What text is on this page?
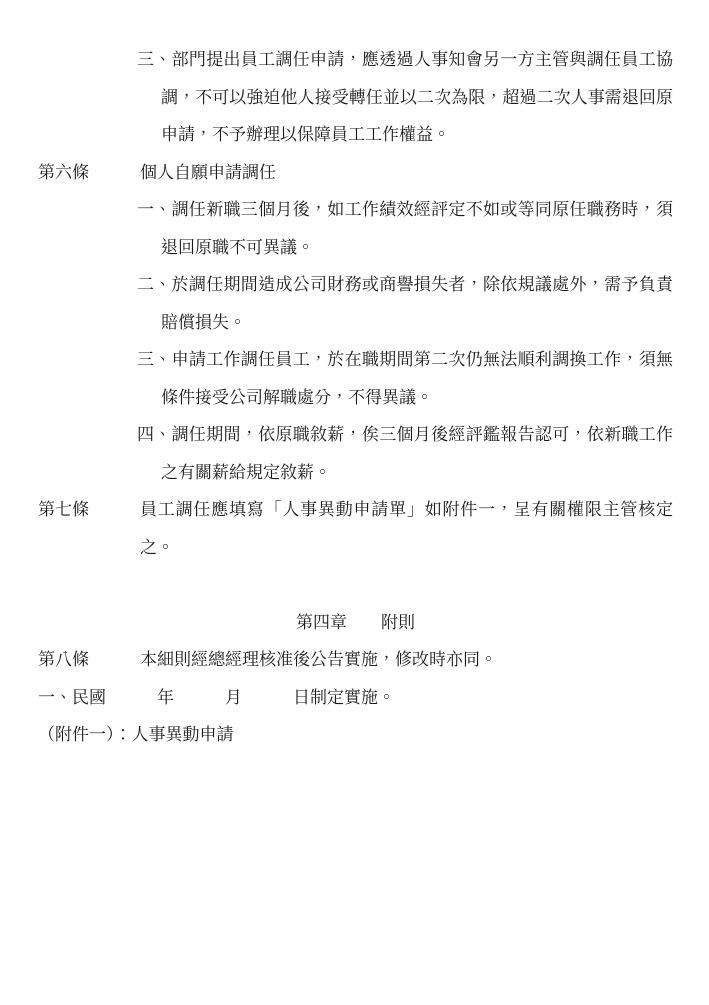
三、部門提出員工調任申請，應透過人事知會另一方主管與調任員工協調，不可以強迫他人接受轉任並以二次為限，超過二次人事需退回原申請，不予辦理以保障員工工作權益。

第六條	個人自願申請調任

一、調任新職三個月後，如工作績效經評定不如或等同原任職務時，須退回原職不可異議。

二、於調任期間造成公司財務或商譽損失者，除依規議處外，需予負責賠償損失。

三、申請工作調任員工，於在職期間第二次仍無法順利調換工作，須無條件接受公司解職處分，不得異議。

四、調任期間，依原職敘薪，俟三個月後經評鑑報告認可，依新職工作之有關薪給規定敘薪。

第七條	員工調任應填寫「人事異動申請單」如附件一，呈有關權限主管核定之。

第四章　　附則

第八條	本細則經總經理核准後公告實施，修改時亦同。

一、民國　　　年　　　月　　　日制定實施。

（附件一）：人事異動申請
